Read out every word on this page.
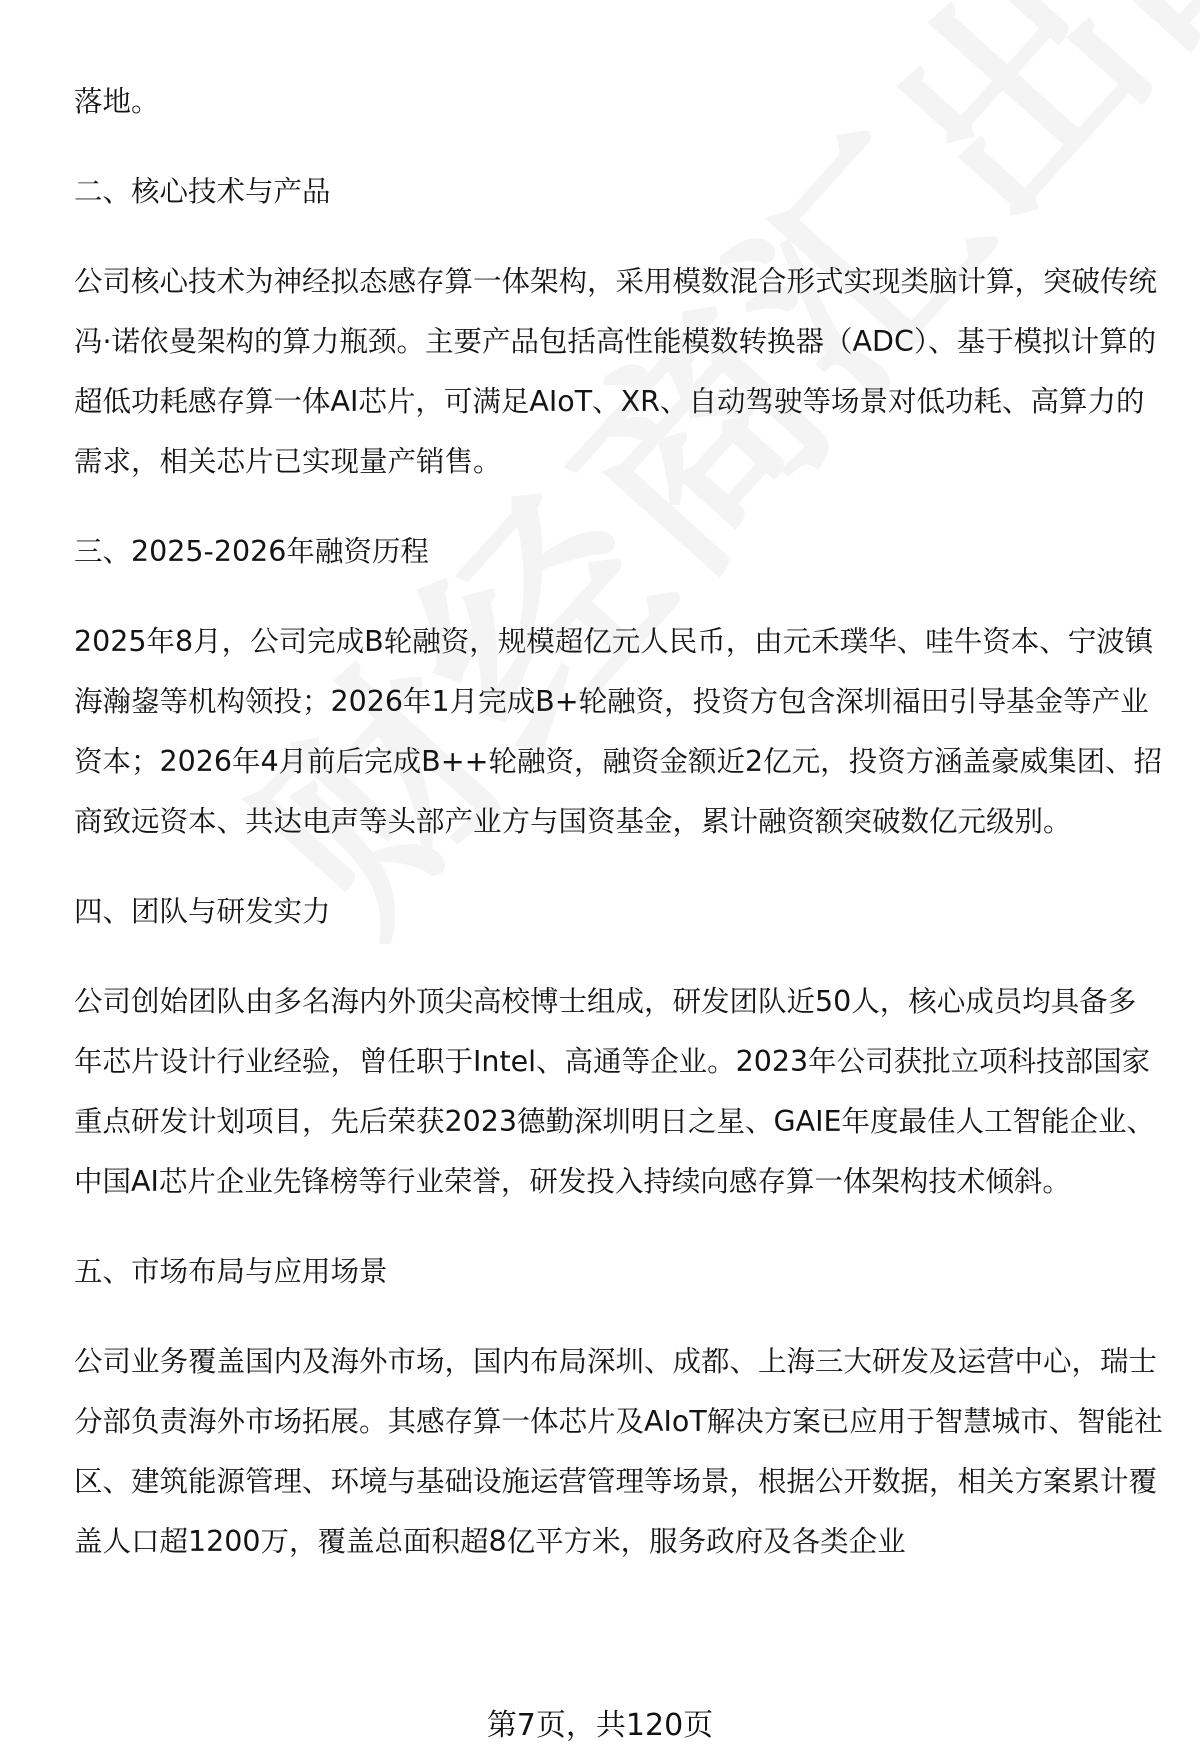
落地。
二、核心技术与产品
公司核心技术为神经拟态感存算一体架构，采用模数混合形式实现类脑计算，突破传统冯·诺依曼架构的算力瓶颈。主要产品包括高性能模数转换器（ADC）、基于模拟计算的超低功耗感存算一体AI芯片，可满足AIoT、XR、自动驾驶等场景对低功耗、高算力的需求，相关芯片已实现量产销售。
三、2025-2026年融资历程
2025年8月，公司完成B轮融资，规模超亿元人民币，由元禾璞华、哇牛资本、宁波镇海瀚鋆等机构领投；2026年1月完成B+轮融资，投资方包含深圳福田引导基金等产业资本；2026年4月前后完成B++轮融资，融资金额近2亿元，投资方涵盖豪威集团、招商致远资本、共达电声等头部产业方与国资基金，累计融资额突破数亿元级别。
四、团队与研发实力
公司创始团队由多名海内外顶尖高校博士组成，研发团队近50人，核心成员均具备多年芯片设计行业经验，曾任职于Intel、高通等企业。2023年公司获批立项科技部国家重点研发计划项目，先后荣获2023德勤深圳明日之星、GAIE年度最佳人工智能企业、中国AI芯片企业先锋榜等行业荣誉，研发投入持续向感存算一体架构技术倾斜。
五、市场布局与应用场景
公司业务覆盖国内及海外市场，国内布局深圳、成都、上海三大研发及运营中心，瑞士分部负责海外市场拓展。其感存算一体芯片及AIoT解决方案已应用于智慧城市、智能社区、建筑能源管理、环境与基础设施运营管理等场景，根据公开数据，相关方案累计覆盖人口超1200万，覆盖总面积超8亿平方米，服务政府及各类企业
第7页，共120页
